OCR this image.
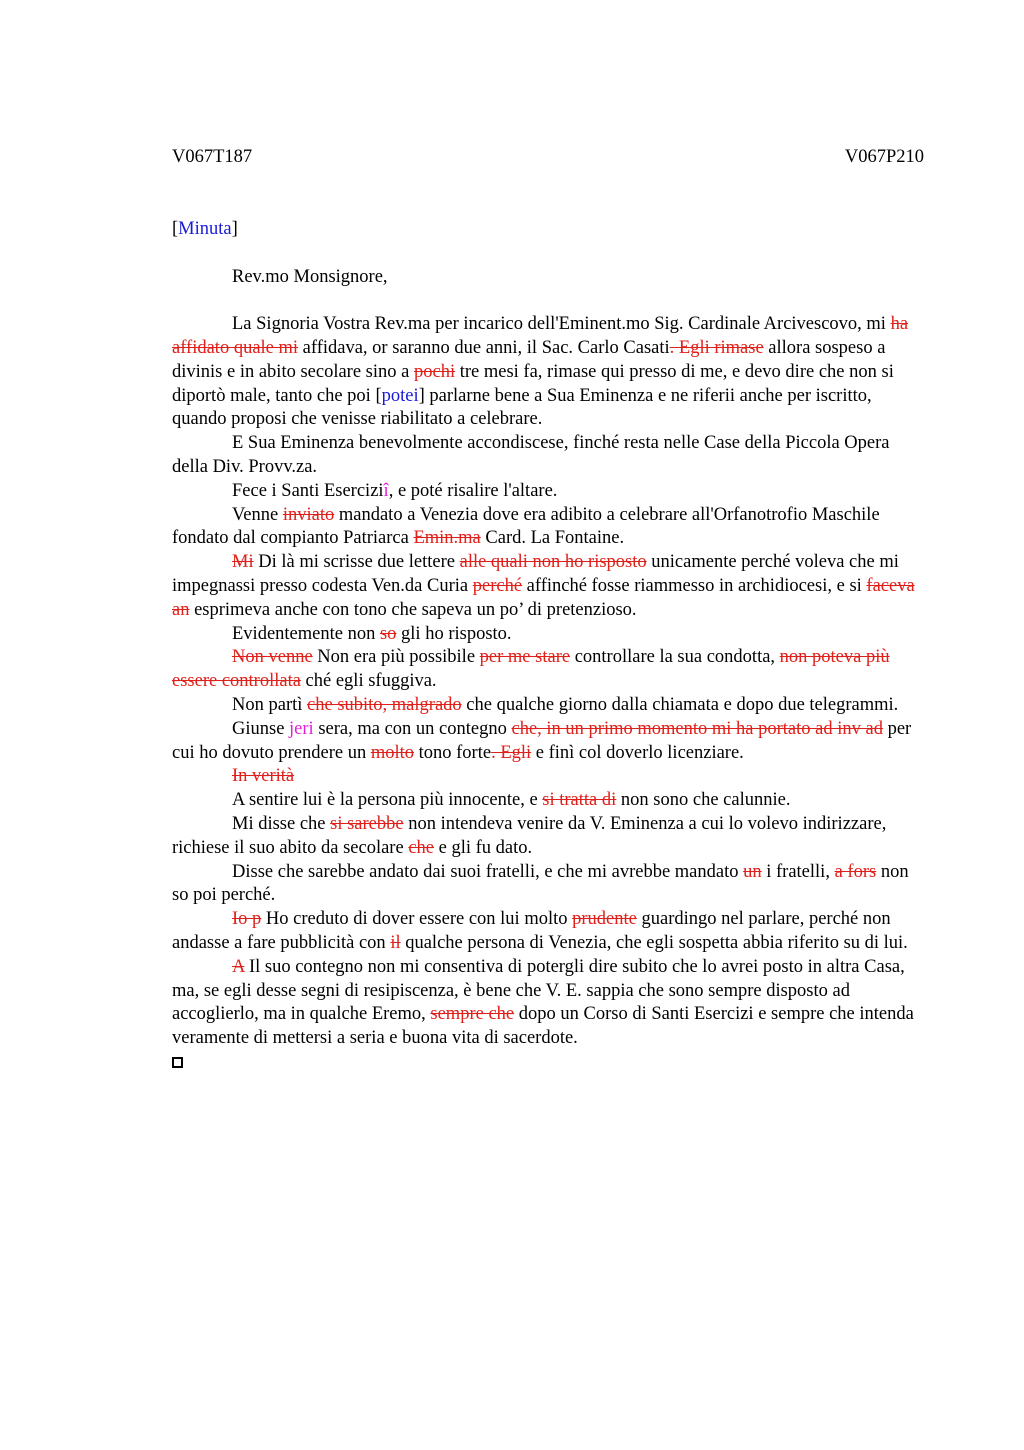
V067T187	V067P210
[Minuta]

Rev.mo Monsignore,

La Signoria Vostra Rev.ma per incarico dell'Eminent.mo Sig. Cardinale Arcivescovo, mi ha affidato quale mi affidava, or saranno due anni, il Sac. Carlo Casati. Egli rimase allora sospeso a divinis e in abito secolare sino a pochi tre mesi fa, rimase qui presso di me, e devo dire che non si diportò male, tanto che poi [potei] parlarne bene a Sua Eminenza e ne riferii anche per iscritto, quando proposi che venisse riabilitato a celebrare.

E Sua Eminenza benevolmente accondiscese, finché resta nelle Case della Piccola Opera della Div. Provv.za.

Fece i Santi Eserciziî, e poté risalire l'altare.

Venne inviato mandato a Venezia dove era adibito a celebrare all'Orfanotrofio Maschile fondato dal compianto Patriarca Emin.ma Card. La Fontaine.

Mi Di là mi scrisse due lettere alle quali non ho risposto unicamente perché voleva che mi impegnassi presso codesta Ven.da Curia perché affinché fosse riammesso in archidiocesi, e si faceva an esprimeva anche con tono che sapeva un po’ di pretenzioso.

Evidentemente non so gli ho risposto.

Non venne Non era più possibile per me stare controllare la sua condotta, non poteva più essere controllata ché egli sfuggiva.

Non partì che subito, malgrado che qualche giorno dalla chiamata e dopo due telegrammi.

Giunse jeri sera, ma con un contegno che, in un primo momento mi ha portato ad inv ad per cui ho dovuto prendere un molto tono forte. Egli e finì col doverlo licenziare.

In verità

A sentire lui è la persona più innocente, e si tratta di non sono che calunnie.

Mi disse che si sarebbe non intendeva venire da V. Eminenza a cui lo volevo indirizzare, richiese il suo abito da secolare che e gli fu dato.

Disse che sarebbe andato dai suoi fratelli, e che mi avrebbe mandato un i fratelli, a fors non so poi perché.

Io p Ho creduto di dover essere con lui molto prudente guardingo nel parlare, perché non andasse a fare pubblicità con il qualche persona di Venezia, che egli sospetta abbia riferito su di lui.

A Il suo contegno non mi consentiva di potergli dire subito che lo avrei posto in altra Casa, ma, se egli desse segni di resipiscenza, è bene che V. E. sappia che sono sempre disposto ad accoglierlo, ma in qualche Eremo, sempre che dopo un Corso di Santi Esercizi e sempre che intenda veramente di mettersi a seria e buona vita di sacerdote.
